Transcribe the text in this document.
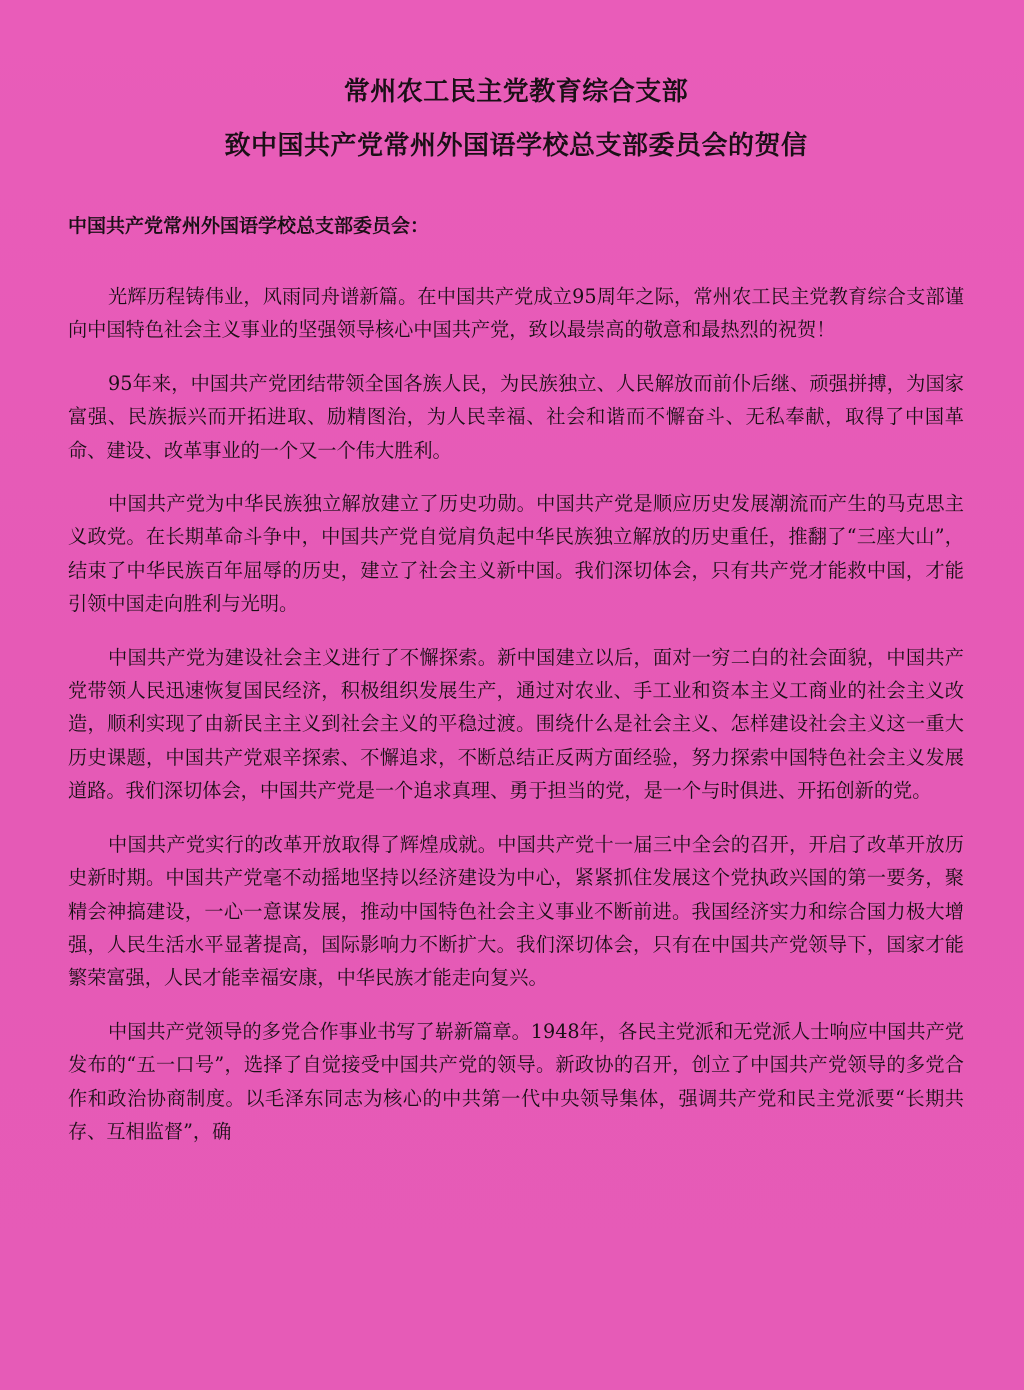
常州农工民主党教育综合支部
致中国共产党常州外国语学校总支部委员会的贺信

中国共产党常州外国语学校总支部委员会：

光辉历程铸伟业，风雨同舟谱新篇。在中国共产党成立95周年之际，常州农工民主党教育综合支部谨向中国特色社会主义事业的坚强领导核心中国共产党，致以最崇高的敬意和最热烈的祝贺！

95年来，中国共产党团结带领全国各族人民，为民族独立、人民解放而前仆后继、顽强拼搏，为国家富强、民族振兴而开拓进取、励精图治，为人民幸福、社会和谐而不懈奋斗、无私奉献，取得了中国革命、建设、改革事业的一个又一个伟大胜利。

中国共产党为中华民族独立解放建立了历史功勋。中国共产党是顺应历史发展潮流而产生的马克思主义政党。在长期革命斗争中，中国共产党自觉肩负起中华民族独立解放的历史重任，推翻了“三座大山”，结束了中华民族百年屈辱的历史，建立了社会主义新中国。我们深切体会，只有共产党才能救中国，才能引领中国走向胜利与光明。

中国共产党为建设社会主义进行了不懈探索。新中国建立以后，面对一穷二白的社会面貌，中国共产党带领人民迅速恢复国民经济，积极组织发展生产，通过对农业、手工业和资本主义工商业的社会主义改造，顺利实现了由新民主主义到社会主义的平稳过渡。围绕什么是社会主义、怎样建设社会主义这一重大历史课题，中国共产党艰辛探索、不懈追求，不断总结正反两方面经验，努力探索中国特色社会主义发展道路。我们深切体会，中国共产党是一个追求真理、勇于担当的党，是一个与时俱进、开拓创新的党。

中国共产党实行的改革开放取得了辉煌成就。中国共产党十一届三中全会的召开，开启了改革开放历史新时期。中国共产党毫不动摇地坚持以经济建设为中心，紧紧抓住发展这个党执政兴国的第一要务，聚精会神搞建设，一心一意谋发展，推动中国特色社会主义事业不断前进。我国经济实力和综合国力极大增强，人民生活水平显著提高，国际影响力不断扩大。我们深切体会，只有在中国共产党领导下，国家才能繁荣富强，人民才能幸福安康，中华民族才能走向复兴。

中国共产党领导的多党合作事业书写了崭新篇章。1948年，各民主党派和无党派人士响应中国共产党发布的“五一口号”，选择了自觉接受中国共产党的领导。新政协的召开，创立了中国共产党领导的多党合作和政治协商制度。以毛泽东同志为核心的中共第一代中央领导集体，强调共产党和民主党派要“长期共存、互相监督”，确
